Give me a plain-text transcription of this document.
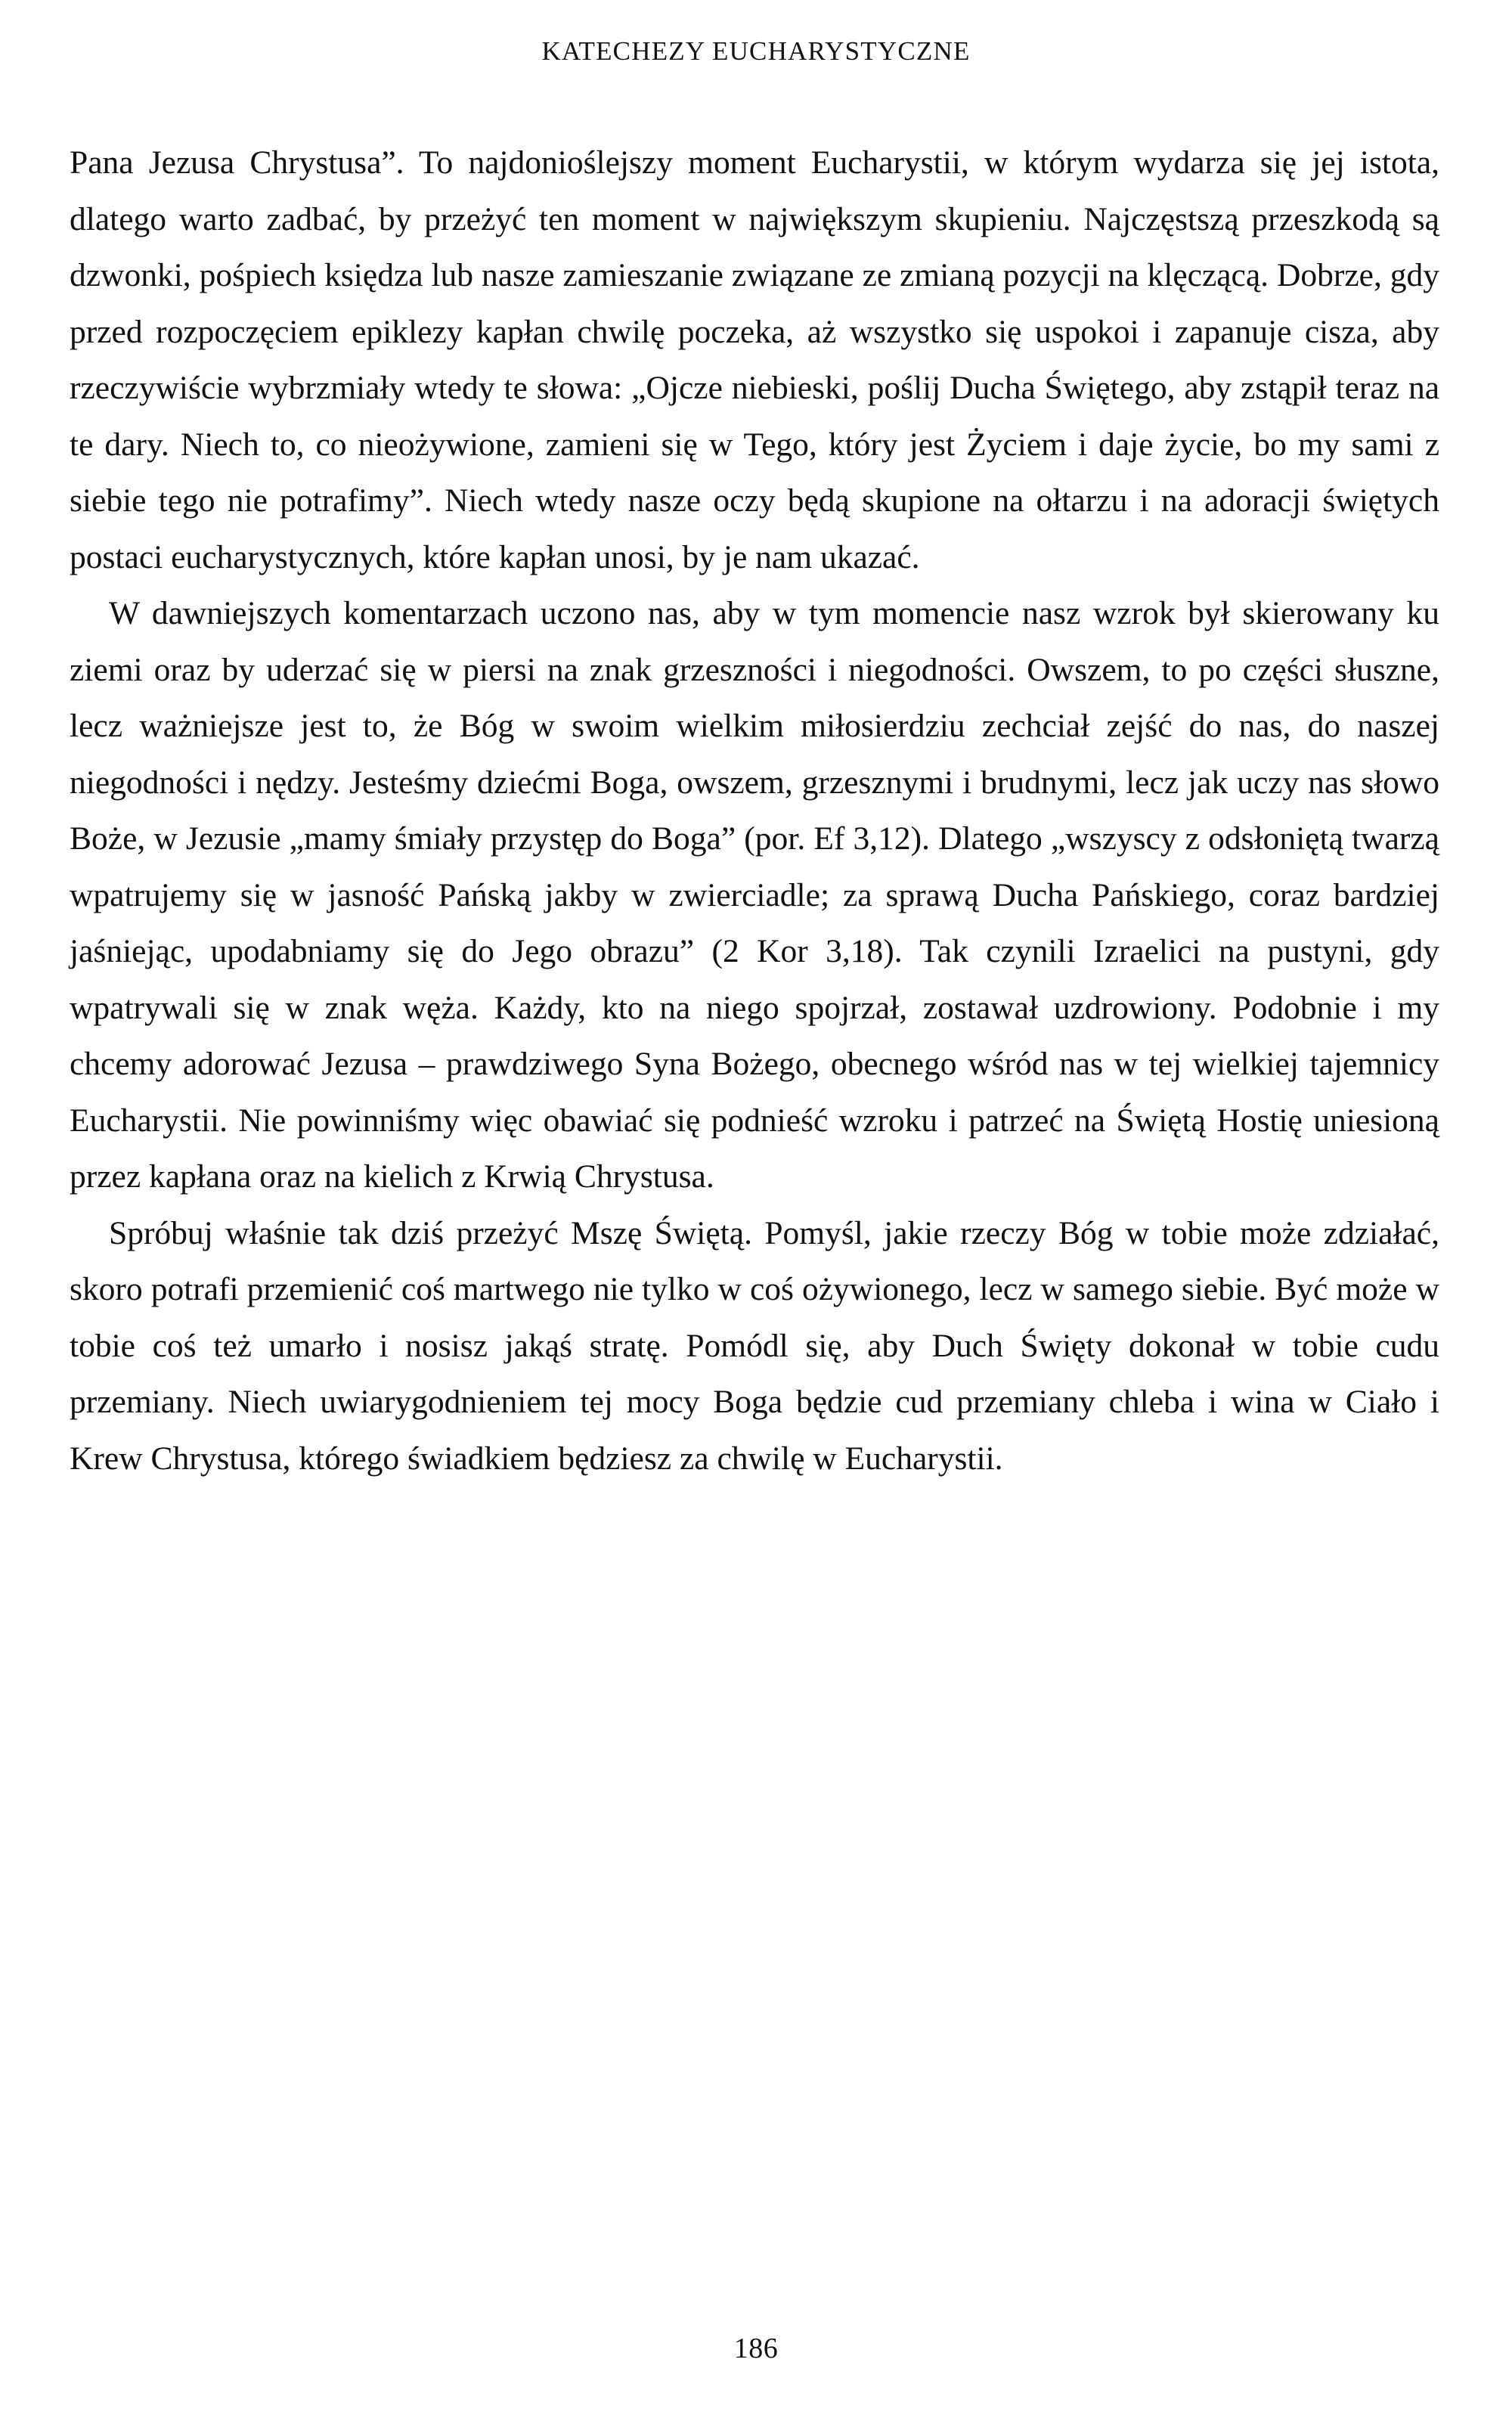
KATECHEZY EUCHARYSTYCZNE

Pana Jezusa Chrystusa”. To najdonioślejszy moment Eucharystii, w którym wydarza się jej istota, dlatego warto zadbać, by przeżyć ten moment w największym skupieniu. Najczęstszą przeszkodą są dzwonki, pośpiech księdza lub nasze zamieszanie związane ze zmianą pozycji na klęczącą. Dobrze, gdy przed rozpoczęciem epiklezy kapłan chwilę poczeka, aż wszystko się uspokoi i zapanuje cisza, aby rzeczywiście wybrzmiały wtedy te słowa: „Ojcze niebieski, poślij Ducha Świętego, aby zstąpił teraz na te dary. Niech to, co nieożywione, zamieni się w Tego, który jest Życiem i daje życie, bo my sami z siebie tego nie potrafimy”. Niech wtedy nasze oczy będą skupione na ołtarzu i na adoracji świętych postaci eucharystycznych, które kapłan unosi, by je nam ukazać.

W dawniejszych komentarzach uczono nas, aby w tym momencie nasz wzrok był skierowany ku ziemi oraz by uderzać się w piersi na znak grzeszności i niegodności. Owszem, to po części słuszne, lecz ważniejsze jest to, że Bóg w swoim wielkim miłosierdziu zechciał zejść do nas, do naszej niegodności i nędzy. Jesteśmy dziećmi Boga, owszem, grzesznymi i brudnymi, lecz jak uczy nas słowo Boże, w Jezusie „mamy śmiały przystęp do Boga” (por. Ef 3,12). Dlatego „wszyscy z odsłoniętą twarzą wpatrujemy się w jasność Pańską jakby w zwierciadle; za sprawą Ducha Pańskiego, coraz bardziej jaśniejąc, upodabniamy się do Jego obrazu” (2 Kor 3,18). Tak czynili Izraelici na pustyni, gdy wpatrywali się w znak węża. Każdy, kto na niego spojrzał, zostawał uzdrowiony. Podobnie i my chcemy adorować Jezusa – prawdziwego Syna Bożego, obecnego wśród nas w tej wielkiej tajemnicy Eucharystii. Nie powinniśmy więc obawiać się podnieść wzroku i patrzeć na Świętą Hostię uniesioną przez kapłana oraz na kielich z Krwią Chrystusa.

Spróbuj właśnie tak dziś przeżyć Mszę Świętą. Pomyśl, jakie rzeczy Bóg w tobie może zdziałać, skoro potrafi przemienić coś martwego nie tylko w coś ożywionego, lecz w samego siebie. Być może w tobie coś też umarło i nosisz jakąś stratę. Pomódl się, aby Duch Święty dokonał w tobie cudu przemiany. Niech uwiarygodnieniem tej mocy Boga będzie cud przemiany chleba i wina w Ciało i Krew Chrystusa, którego świadkiem będziesz za chwilę w Eucharystii.

186
